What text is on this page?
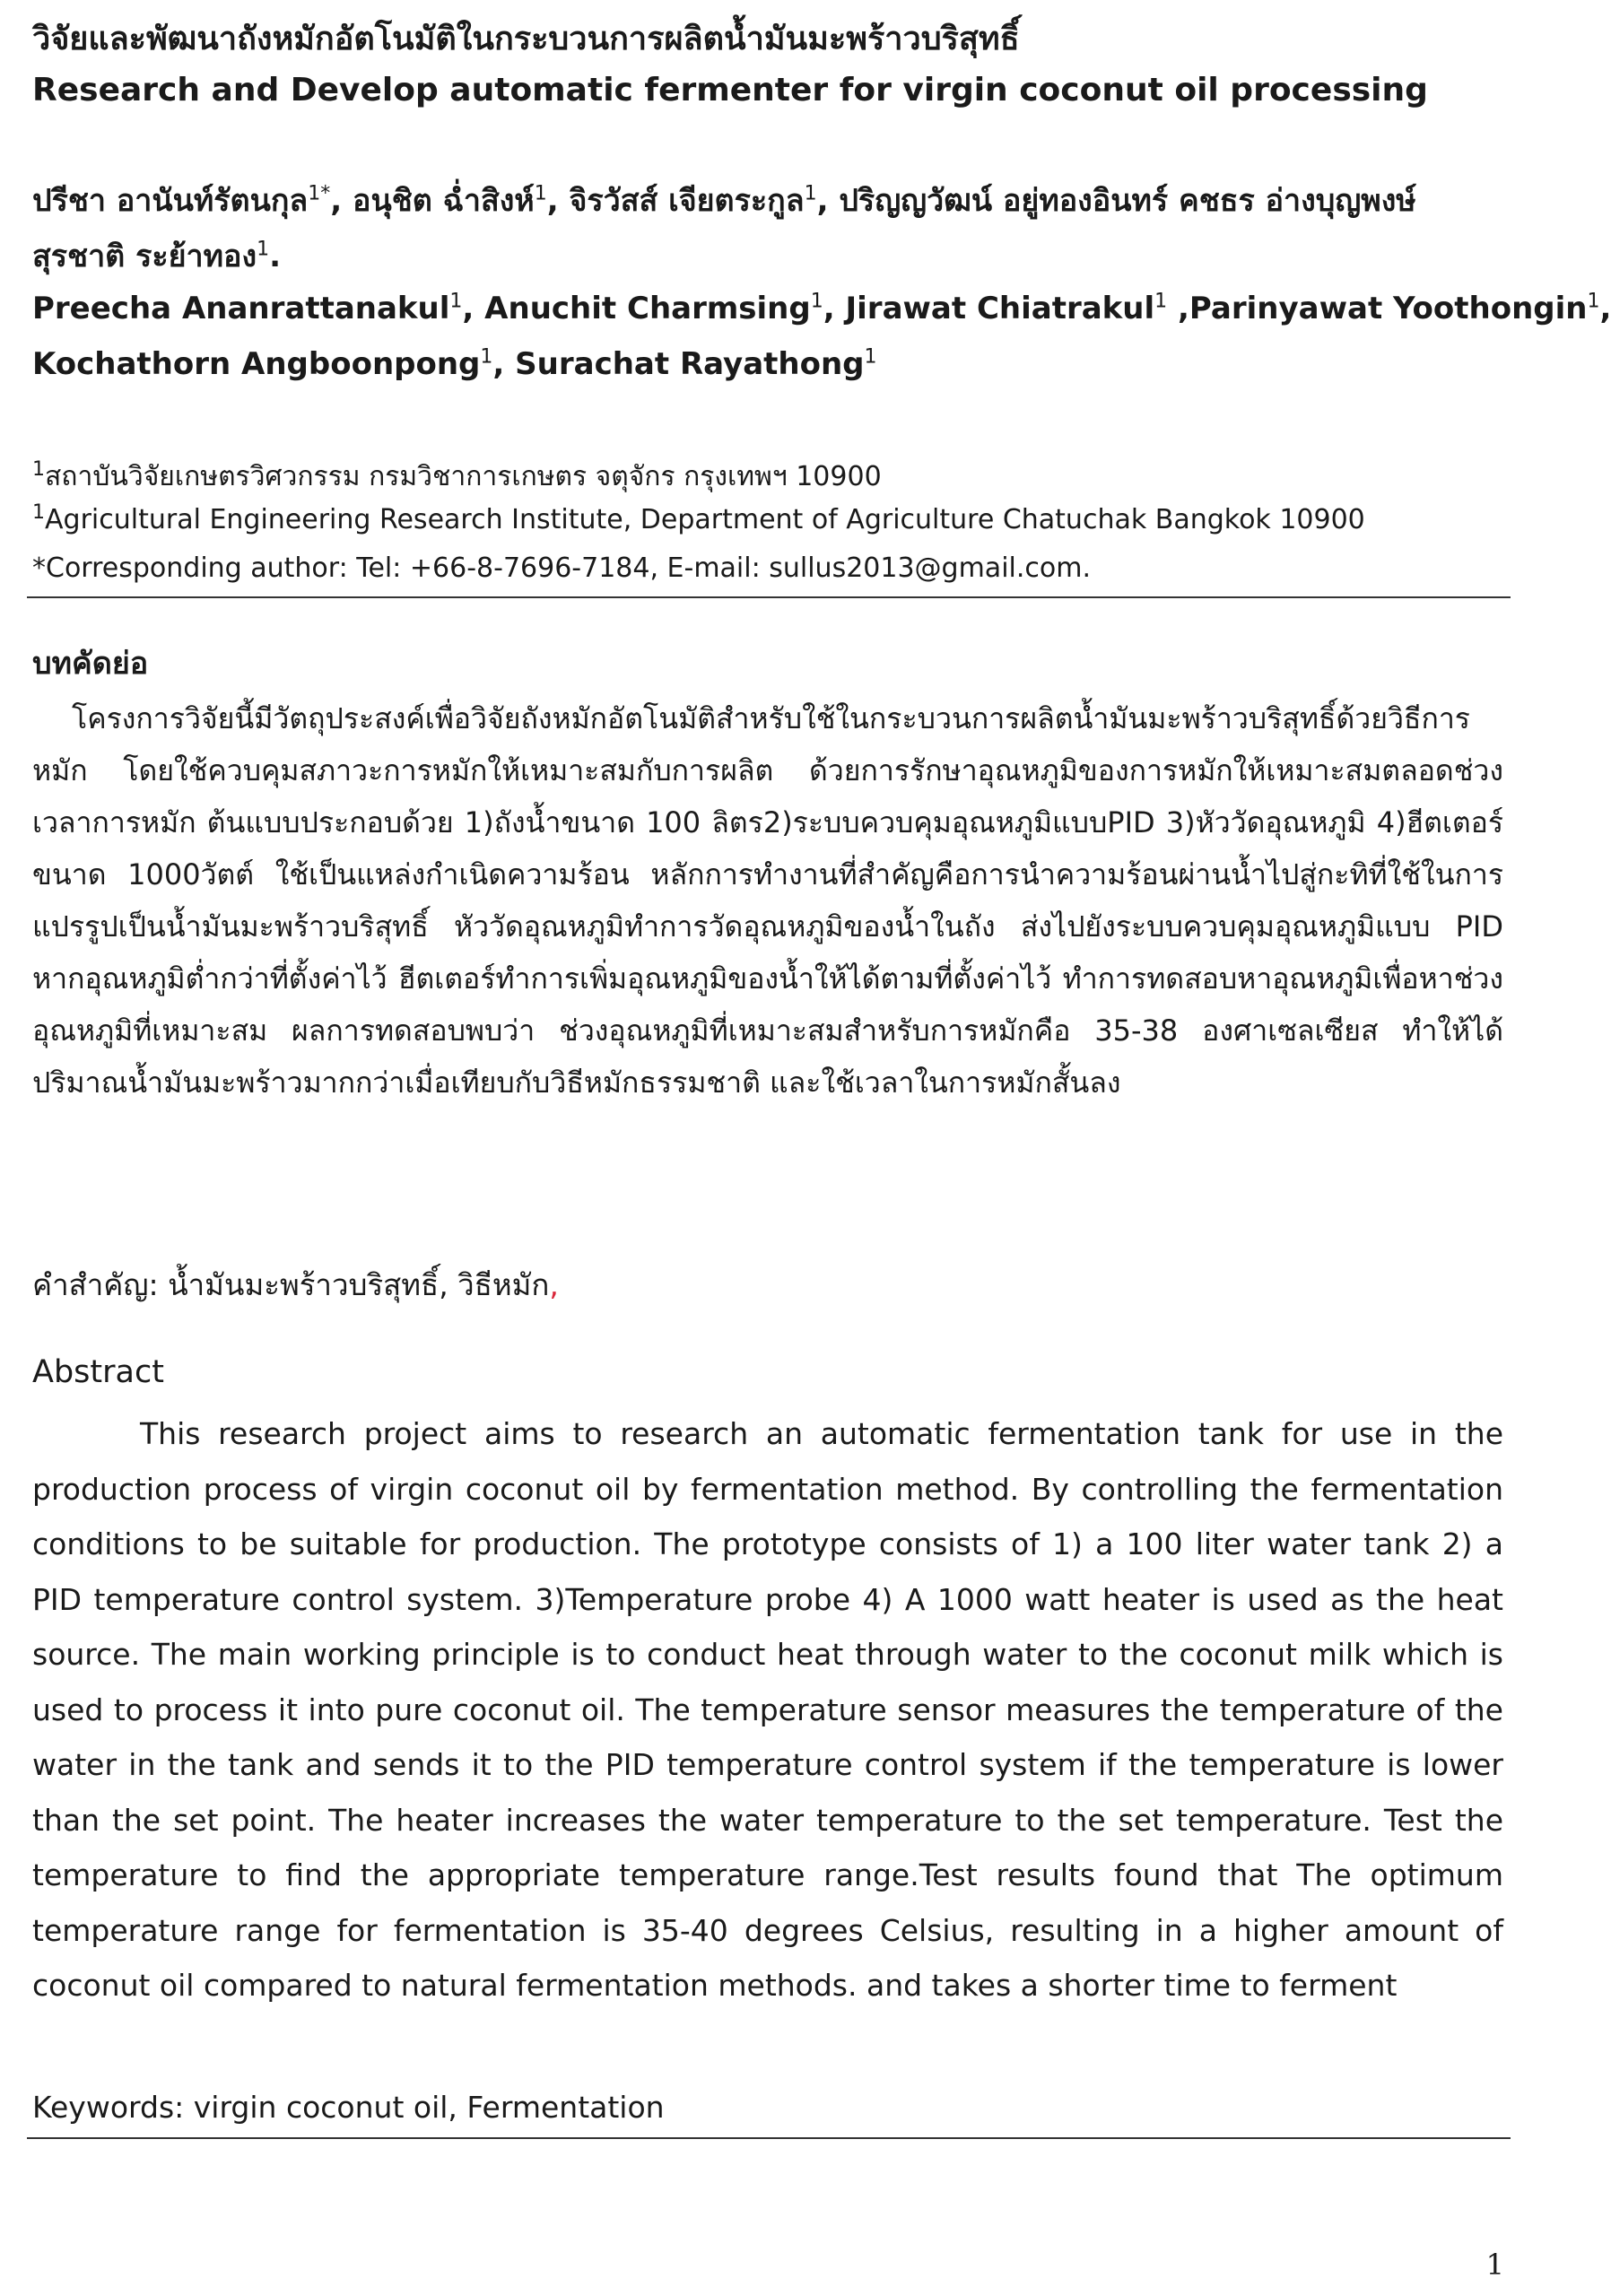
วิจัยและพัฒนาถังหมักอัตโนมัติในกระบวนการผลิตน้ำมันมะพร้าวบริสุทธิ์
Research and Develop automatic fermenter for virgin coconut oil processing
ปรีชา อานันท์รัตนกุล$^{1*}$, อนุชิต ฉ่ำสิงห์$^1$, จิรวัสส์ เจียตระกูล$^1$, ปริญญวัฒน์ อยู่ทองอินทร์ คชธร อ่างบุญพงษ์
สุรชาติ ระย้าทอง$^1$.
Preecha Ananrattanakul$^1$, Anuchit Charmsing$^1$, Jirawat Chiatrakul$^1$ ,Parinyawat Yoothongin$^1$,
Kochathorn Angboonpong$^1$, Surachat Rayathong$^1$
$^1$สถาบันวิจัยเกษตรวิศวกรรม กรมวิชาการเกษตร จตุจักร กรุงเทพฯ 10900
$^1$Agricultural Engineering Research Institute, Department of Agriculture Chatuchak Bangkok 10900
*Corresponding author: Tel: +66-8-7696-7184, E-mail: sullus2013@gmail.com.
บทคัดย่อ

โครงการวิจัยนี้มีวัตถุประสงค์เพื่อวิจัยถังหมักอัตโนมัติสำหรับใช้ในกระบวนการผลิตน้ำมันมะพร้าวบริสุทธิ์ด้วยวิธีการหมัก โดยใช้ควบคุมสภาวะการหมักให้เหมาะสมกับการผลิต ด้วยการรักษาอุณหภูมิของการหมักให้เหมาะสมตลอดช่วงเวลาการหมัก ต้นแบบประกอบด้วย 1)ถังน้ำขนาด 100 ลิตร2)ระบบควบคุมอุณหภูมิแบบPID 3)หัววัดอุณหภูมิ 4)ฮีตเตอร์ขนาด 1000วัตต์ ใช้เป็นแหล่งกำเนิดความร้อน หลักการทำงานที่สำคัญคือการนำความร้อนผ่านน้ำไปสู่กะทิที่ใช้ในการแปรรูปเป็นน้ำมันมะพร้าวบริสุทธิ์ หัววัดอุณหภูมิทำการวัดอุณหภูมิของน้ำในถัง ส่งไปยังระบบควบคุมอุณหภูมิแบบ PID หากอุณหภูมิต่ำกว่าที่ตั้งค่าไว้ ฮีตเตอร์ทำการเพิ่มอุณหภูมิของน้ำให้ได้ตามที่ตั้งค่าไว้ ทำการทดสอบหาอุณหภูมิเพื่อหาช่วงอุณหภูมิที่เหมาะสม ผลการทดสอบพบว่า ช่วงอุณหภูมิที่เหมาะสมสำหรับการหมักคือ 35-38 องศาเซลเซียส ทำให้ได้ปริมาณน้ำมันมะพร้าวมากกว่าเมื่อเทียบกับวิธีหมักธรรมชาติ และใช้เวลาในการหมักสั้นลง

คำสำคัญ: น้ำมันมะพร้าวบริสุทธิ์, วิธีหมัก,
Abstract

This research project aims to research an automatic fermentation tank for use in the production process of virgin coconut oil by fermentation method. By controlling the fermentation conditions to be suitable for production. The prototype consists of 1) a 100 liter water tank 2) a PID temperature control system. 3)Temperature probe 4) A 1000 watt heater is used as the heat source. The main working principle is to conduct heat through water to the coconut milk which is used to process it into pure coconut oil. The temperature sensor measures the temperature of the water in the tank and sends it to the PID temperature control system if the temperature is lower than the set point. The heater increases the water temperature to the set temperature. Test the temperature to find the appropriate temperature range.Test results found that The optimum temperature range for fermentation is 35-40 degrees Celsius, resulting in a higher amount of coconut oil compared to natural fermentation methods. and takes a shorter time to ferment

Keywords: virgin coconut oil, Fermentation
1
